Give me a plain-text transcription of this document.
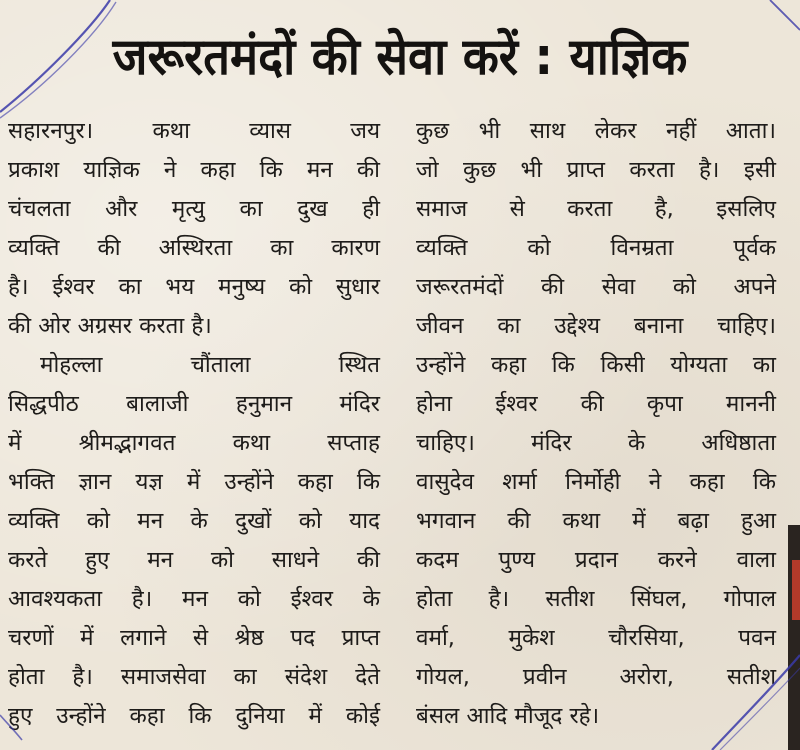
जरूरतमंदों की सेवा करें : याज्ञिक
सहारनपुर। कथा व्यास जय
प्रकाश याज्ञिक ने कहा कि मन की
चंचलता और मृत्यु का दुख ही
व्यक्ति की अस्थिरता का कारण
है। ईश्वर का भय मनुष्य को सुधार
की ओर अग्रसर करता है।
मोहल्ला चौंताला स्थित
सिद्धपीठ बालाजी हनुमान मंदिर
में श्रीमद्भागवत कथा सप्ताह
भक्ति ज्ञान यज्ञ में उन्होंने कहा कि
व्यक्ति को मन के दुखों को याद
करते हुए मन को साधने की
आवश्यकता है। मन को ईश्वर के
चरणों में लगाने से श्रेष्ठ पद प्राप्त
होता है। समाजसेवा का संदेश देते
हुए उन्होंने कहा कि दुनिया में कोई
कुछ भी साथ लेकर नहीं आता।
जो कुछ भी प्राप्त करता है। इसी
समाज से करता है, इसलिए
व्यक्ति को विनम्रता पूर्वक
जरूरतमंदों की सेवा को अपने
जीवन का उद्देश्य बनाना चाहिए।
उन्होंने कहा कि किसी योग्यता का
होना ईश्वर की कृपा माननी
चाहिए। मंदिर के अधिष्ठाता
वासुदेव शर्मा निर्मोही ने कहा कि
भगवान की कथा में बढ़ा हुआ
कदम पुण्य प्रदान करने वाला
होता है। सतीश सिंघल, गोपाल
वर्मा, मुकेश चौरसिया, पवन
गोयल, प्रवीन अरोरा, सतीश
बंसल आदि मौजूद रहे।
